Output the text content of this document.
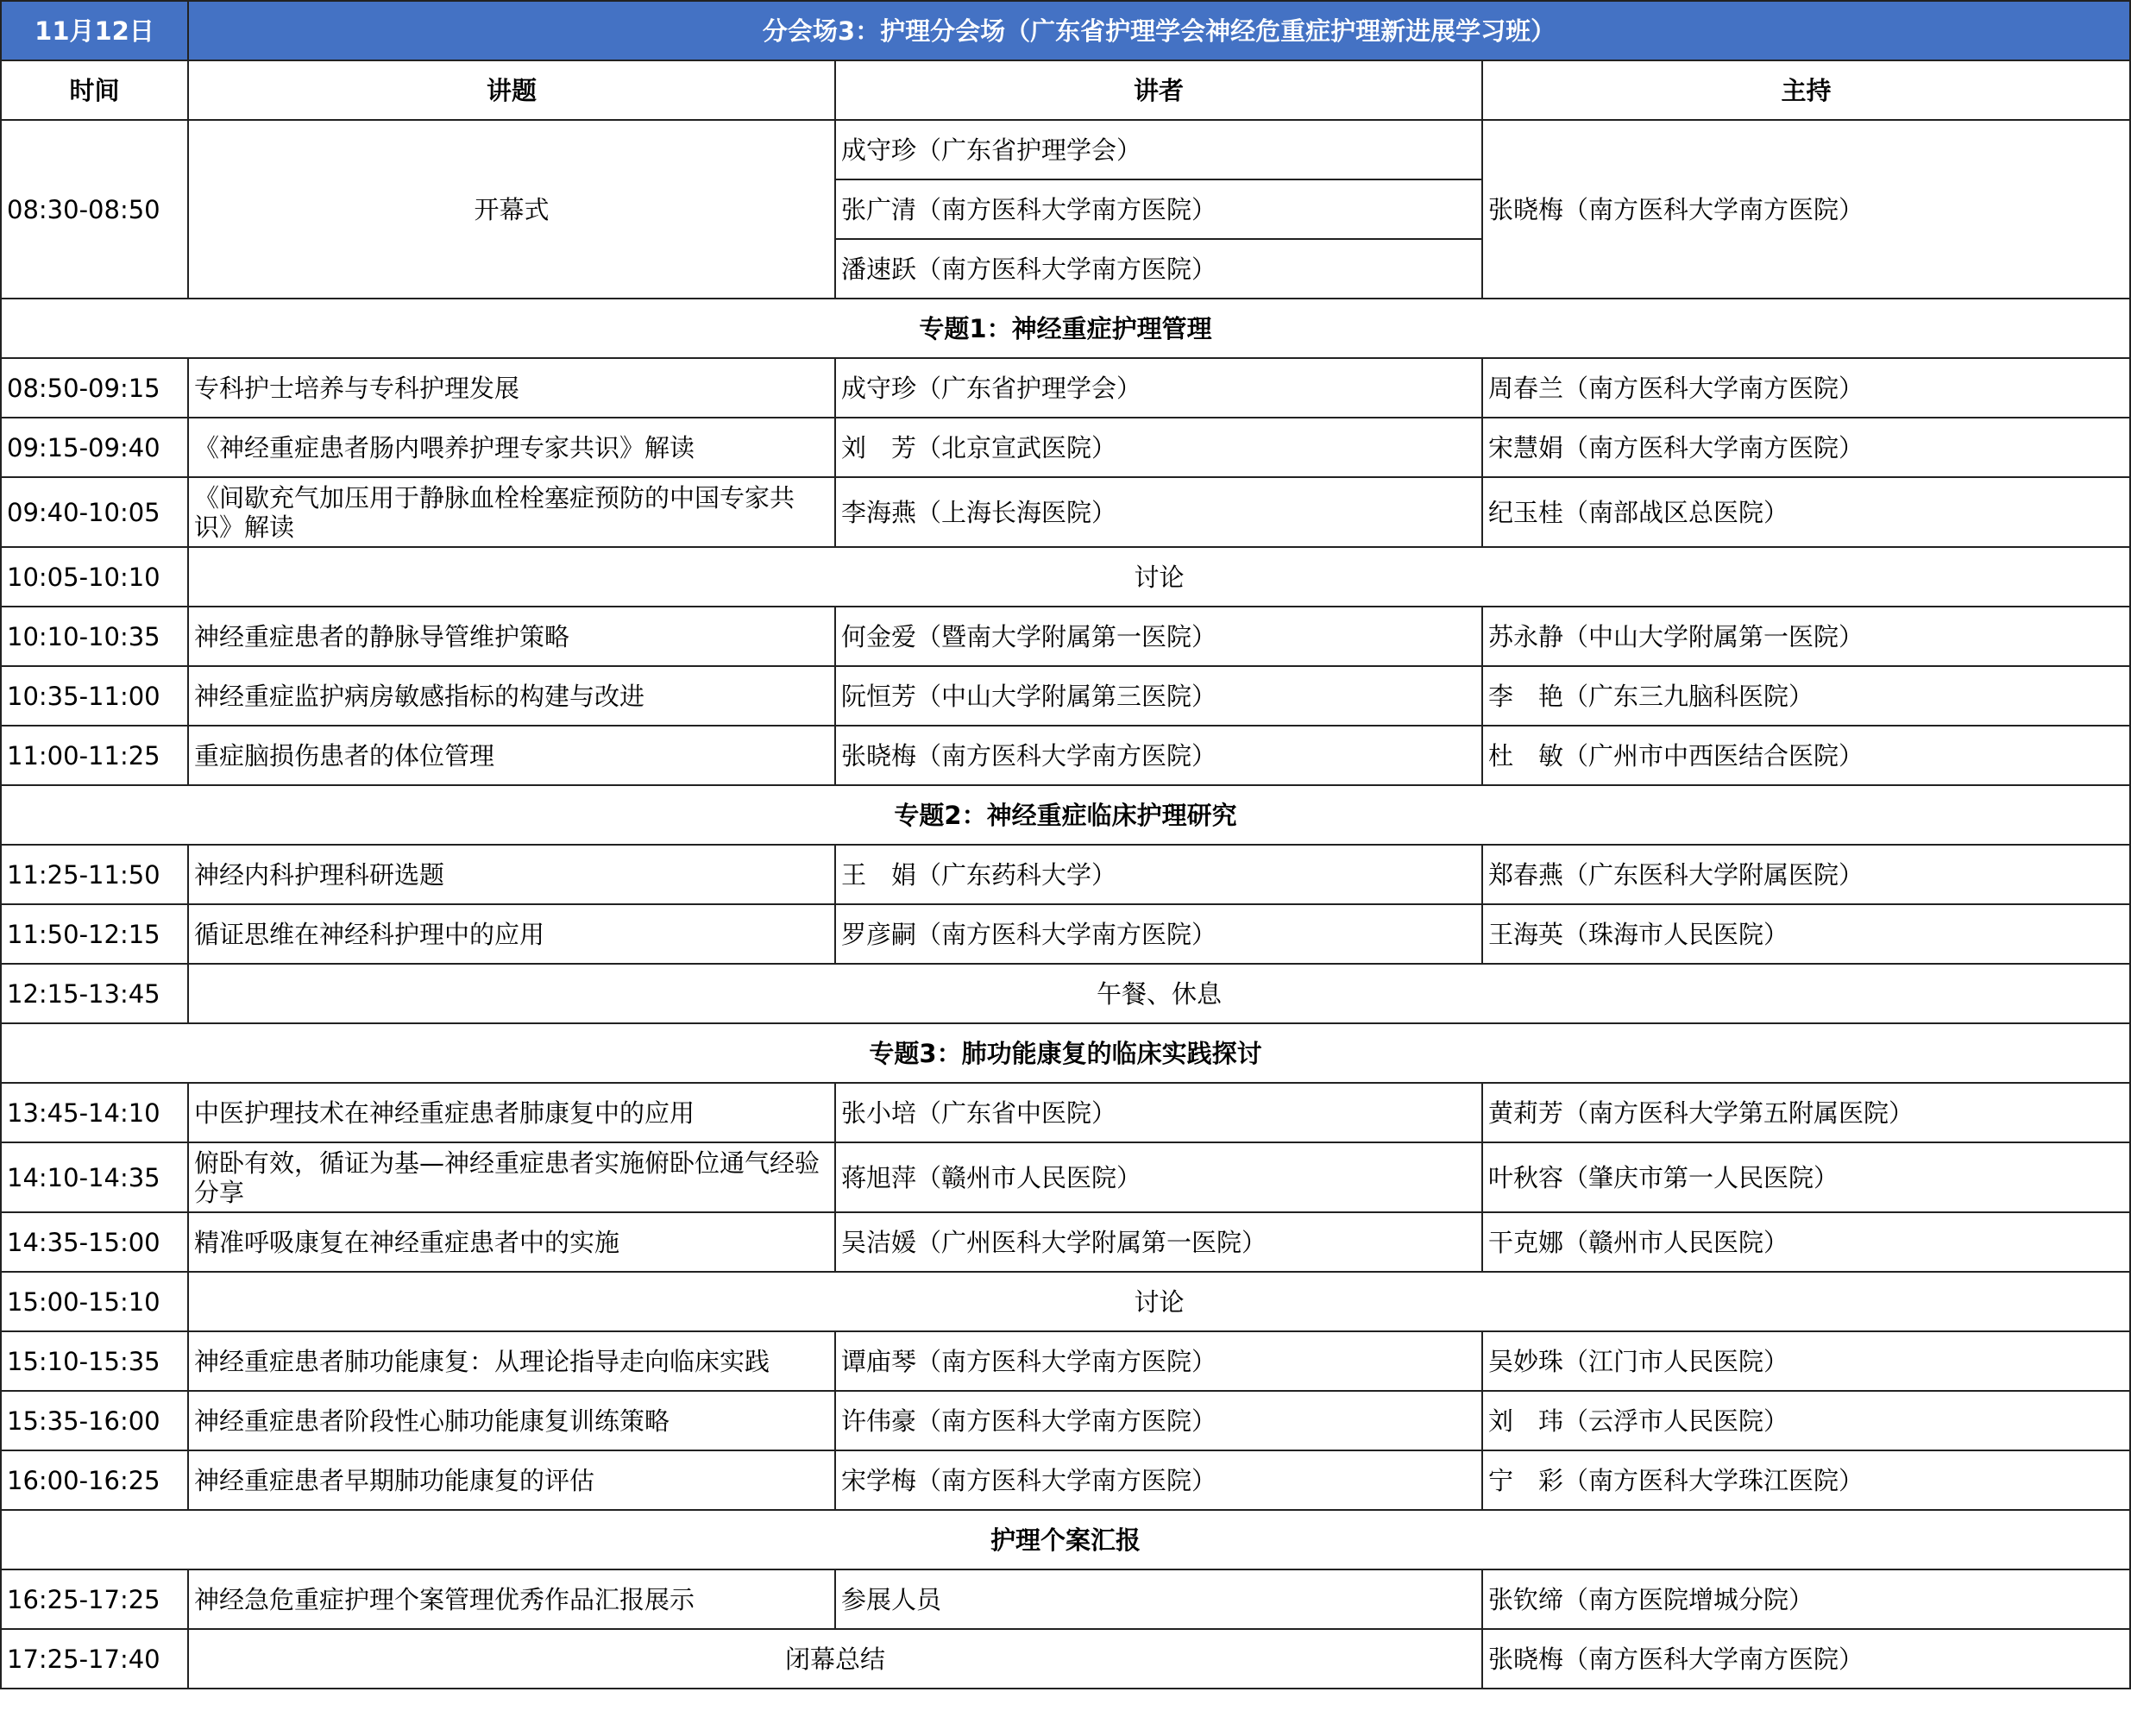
11月12日	分会场3：护理分会场（广东省护理学会神经危重症护理新进展学习班）		
时间	讲题	讲者	主持
08:30-08:50	开幕式	成守珍（广东省护理学会）	张晓梅（南方医科大学南方医院）
		张广清（南方医科大学南方医院）	
		潘速跃（南方医科大学南方医院）	
专题1：神经重症护理管理			
08:50-09:15	专科护士培养与专科护理发展	成守珍（广东省护理学会）	周春兰（南方医科大学南方医院）
09:15-09:40	《神经重症患者肠内喂养护理专家共识》解读	刘　芳（北京宣武医院）	宋慧娟（南方医科大学南方医院）
09:40-10:05	《间歇充气加压用于静脉血栓栓塞症预防的中国专家共识》解读	李海燕（上海长海医院）	纪玉桂（南部战区总医院）
10:05-10:10	讨论		
10:10-10:35	神经重症患者的静脉导管维护策略	何金爱（暨南大学附属第一医院）	苏永静（中山大学附属第一医院）
10:35-11:00	神经重症监护病房敏感指标的构建与改进	阮恒芳（中山大学附属第三医院）	李　艳（广东三九脑科医院）
11:00-11:25	重症脑损伤患者的体位管理	张晓梅（南方医科大学南方医院）	杜　敏（广州市中西医结合医院）
专题2：神经重症临床护理研究			
11:25-11:50	神经内科护理科研选题	王　娟（广东药科大学）	郑春燕（广东医科大学附属医院）
11:50-12:15	循证思维在神经科护理中的应用	罗彦嗣（南方医科大学南方医院）	王海英（珠海市人民医院）
12:15-13:45	午餐、休息		
专题3：肺功能康复的临床实践探讨			
13:45-14:10	中医护理技术在神经重症患者肺康复中的应用	张小培（广东省中医院）	黄莉芳（南方医科大学第五附属医院）
14:10-14:35	俯卧有效，循证为基—神经重症患者实施俯卧位通气经验分享	蒋旭萍（赣州市人民医院）	叶秋容（肇庆市第一人民医院）
14:35-15:00	精准呼吸康复在神经重症患者中的实施	吴洁媛（广州医科大学附属第一医院）	干克娜（赣州市人民医院）
15:00-15:10	讨论		
15:10-15:35	神经重症患者肺功能康复：从理论指导走向临床实践	谭庙琴（南方医科大学南方医院）	吴妙珠（江门市人民医院）
15:35-16:00	神经重症患者阶段性心肺功能康复训练策略	许伟豪（南方医科大学南方医院）	刘　玮（云浮市人民医院）
16:00-16:25	神经重症患者早期肺功能康复的评估	宋学梅（南方医科大学南方医院）	宁　彩（南方医科大学珠江医院）
护理个案汇报			
16:25-17:25	神经急危重症护理个案管理优秀作品汇报展示	参展人员	张钦缔（南方医院增城分院）
17:25-17:40	闭幕总结		张晓梅（南方医科大学南方医院）
